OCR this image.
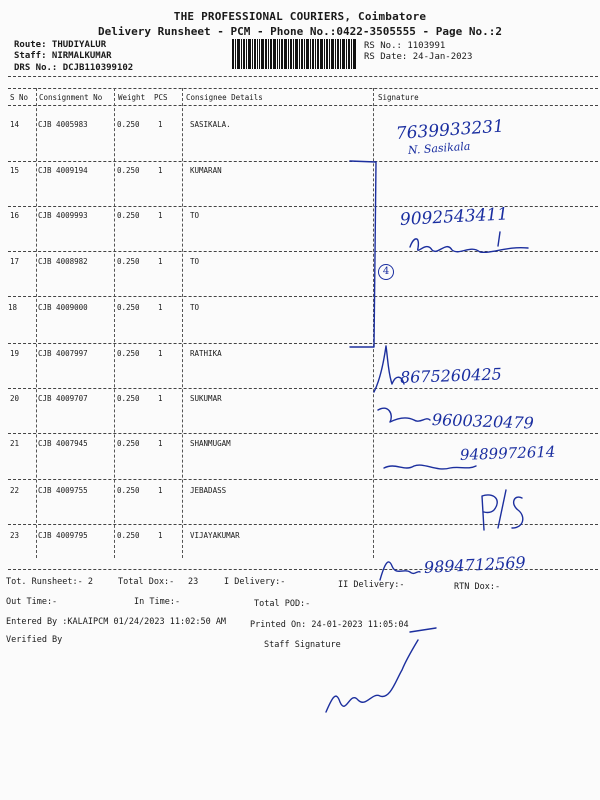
THE PROFESSIONAL COURIERS, Coimbatore
Delivery Runsheet - PCM - Phone No.:0422-3505555 - Page No.:2
Route: THUDIYALUR
Staff: NIRMALKUMAR
DRS No.: DCJB110399102
RS No.: 1103991
RS Date: 24-Jan-2023
S No Consignment No Weight PCS Consignee Details	Signature
14	CJB 4005983	0.250 1	SASIKALA.
15	CJB 4009194	0.250 1	KUMARAN
16	CJB 4009993	0.250 1	TO
17	CJB 4008982	0.250 1	TO
18	CJB 4009000	0.250 1	TO
19	CJB 4007997	0.250 1	RATHIKA
20	CJB 4009707	0.250 1	SUKUMAR
21	CJB 4007945	0.250 1	SHANMUGAM
22	CJB 4009755	0.250 1	JEBADASS
23	CJB 4009795	0.250 1	VIJAYAKUMAR
7639933231
N. Sasikala
9092543411
4
8675260425
9600320479
9489972614
9894712569
Tot. Runsheet:- 2	Total Dox:- 23	I Delivery:-	II Delivery:-	RTN Dox:-
Out Time:-	In Time:-	Total POD:-
Entered By :KALAIPCM 01/24/2023 11:02:50 AM	Printed On: 24-01-2023 11:05:04
Verified By	Staff Signature
